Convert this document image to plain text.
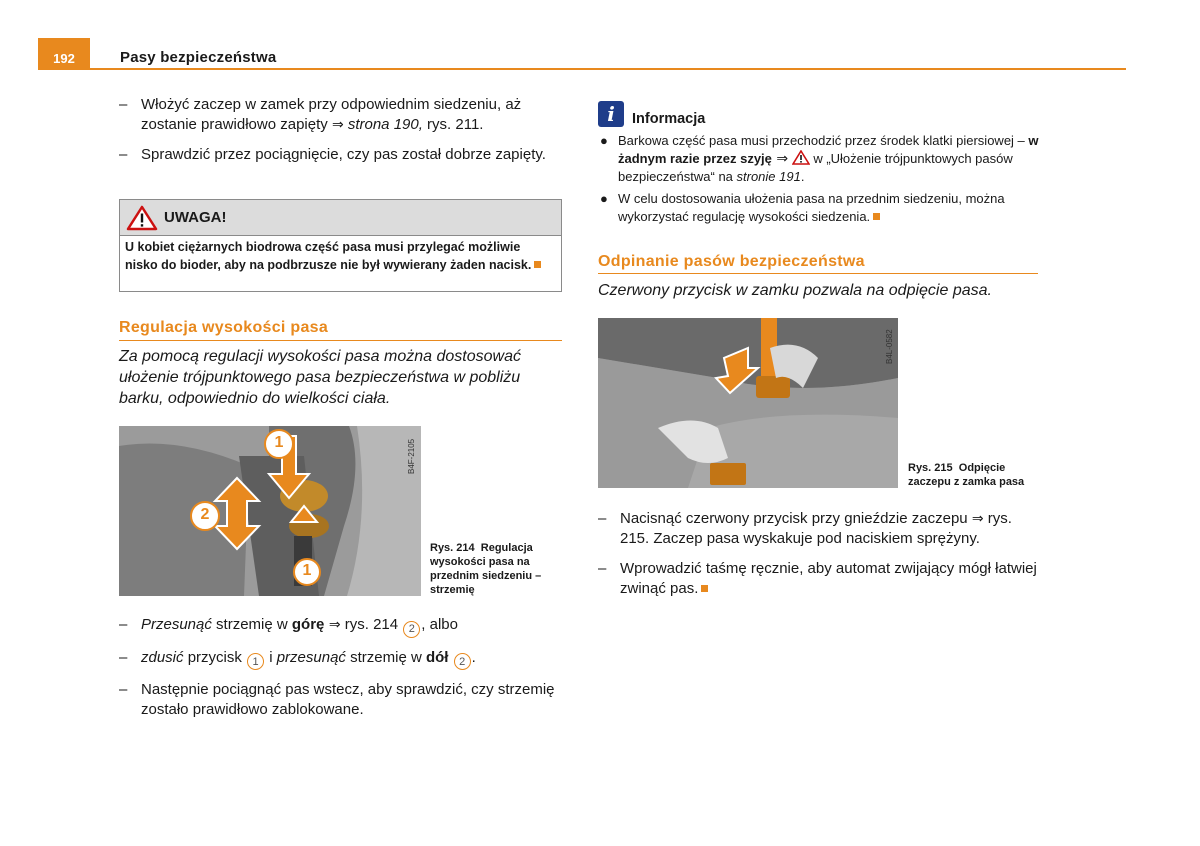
192	Pasy bezpieczeństwa
– Włożyć zaczep w zamek przy odpowiednim siedzeniu, aż zostanie prawidłowo zapięty ⇒ strona 190, rys. 211.
– Sprawdzić przez pociągnięcie, czy pas został dobrze zapięty.
UWAGA!
U kobiet ciężarnych biodrowa część pasa musi przylegać możliwie nisko do bioder, aby na podbrzusze nie był wywierany żaden nacisk.
Regulacja wysokości pasa
Za pomocą regulacji wysokości pasa można dostosować ułożenie trójpunktowego pasa bezpieczeństwa w pobliżu barku, odpowiednio do wielkości ciała.
1
2
1
B4F-2105
Rys. 214 Regulacja wysokości pasa na przednim siedzeniu – strzemię
– Przesunąć strzemię w górę ⇒ rys. 214 2 , albo
– zdusić przycisk 1 i przesunąć strzemię w dół 2 .
– Następnie pociągnąć pas wstecz, aby sprawdzić, czy strzemię zostało prawidłowo zablokowane.
i	Informacja
● Barkowa część pasa musi przechodzić przez środek klatki piersiowej – w żadnym razie przez szyję ⇒  w „Ułożenie trójpunktowych pasów bezpieczeństwa“ na stronie 191.
● W celu dostosowania ułożenia pasa na przednim siedzeniu, można wykorzystać regulację wysokości siedzenia.
Odpinanie pasów bezpieczeństwa
Czerwony przycisk w zamku pozwala na odpięcie pasa.
B4L-0582
Rys. 215 Odpięcie zaczepu z zamka pasa
– Nacisnąć czerwony przycisk przy gnieździe zaczepu ⇒ rys. 215. Zaczep pasa wyskakuje pod naciskiem sprężyny.
– Wprowadzić taśmę ręcznie, aby automat zwijający mógł łatwiej zwinąć pas.
